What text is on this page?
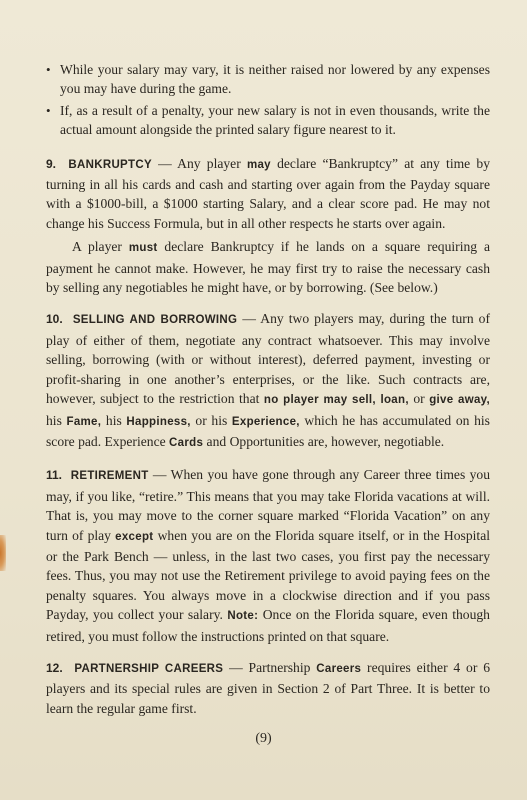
• While your salary may vary, it is neither raised nor lowered by any expenses you may have during the game.

• If, as a result of a penalty, your new salary is not in even thousands, write the actual amount alongside the printed salary figure nearest to it.

9. BANKRUPTCY — Any player may declare “Bankruptcy” at any time by turning in all his cards and cash and starting over again from the Payday square with a $1000-bill, a $1000 starting Salary, and a clear score pad. He may not change his Success Formula, but in all other respects he starts over again.

A player must declare Bankruptcy if he lands on a square requiring a payment he cannot make. However, he may first try to raise the necessary cash by selling any negotiables he might have, or by borrowing. (See below.)

10. SELLING AND BORROWING — Any two players may, during the turn of play of either of them, negotiate any contract whatsoever. This may involve selling, borrowing (with or without interest), deferred payment, investing or profit-sharing in one another’s enterprises, or the like. Such contracts are, however, subject to the restriction that no player may sell, loan, or give away, his Fame, his Happiness, or his Experience, which he has accumulated on his score pad. Experience Cards and Opportunities are, however, negotiable.

11. RETIREMENT — When you have gone through any Career three times you may, if you like, “retire.” This means that you may take Florida vacations at will. That is, you may move to the corner square marked “Florida Vacation” on any turn of play except when you are on the Florida square itself, or in the Hospital or the Park Bench — unless, in the last two cases, you first pay the necessary fees. Thus, you may not use the Retirement privilege to avoid paying fees on the penalty squares. You always move in a clockwise direction and if you pass Payday, you collect your salary. Note: Once on the Florida square, even though retired, you must follow the instructions printed on that square.

12. PARTNERSHIP CAREERS — Partnership Careers requires either 4 or 6 players and its special rules are given in Section 2 of Part Three. It is better to learn the regular game first.

(9)
